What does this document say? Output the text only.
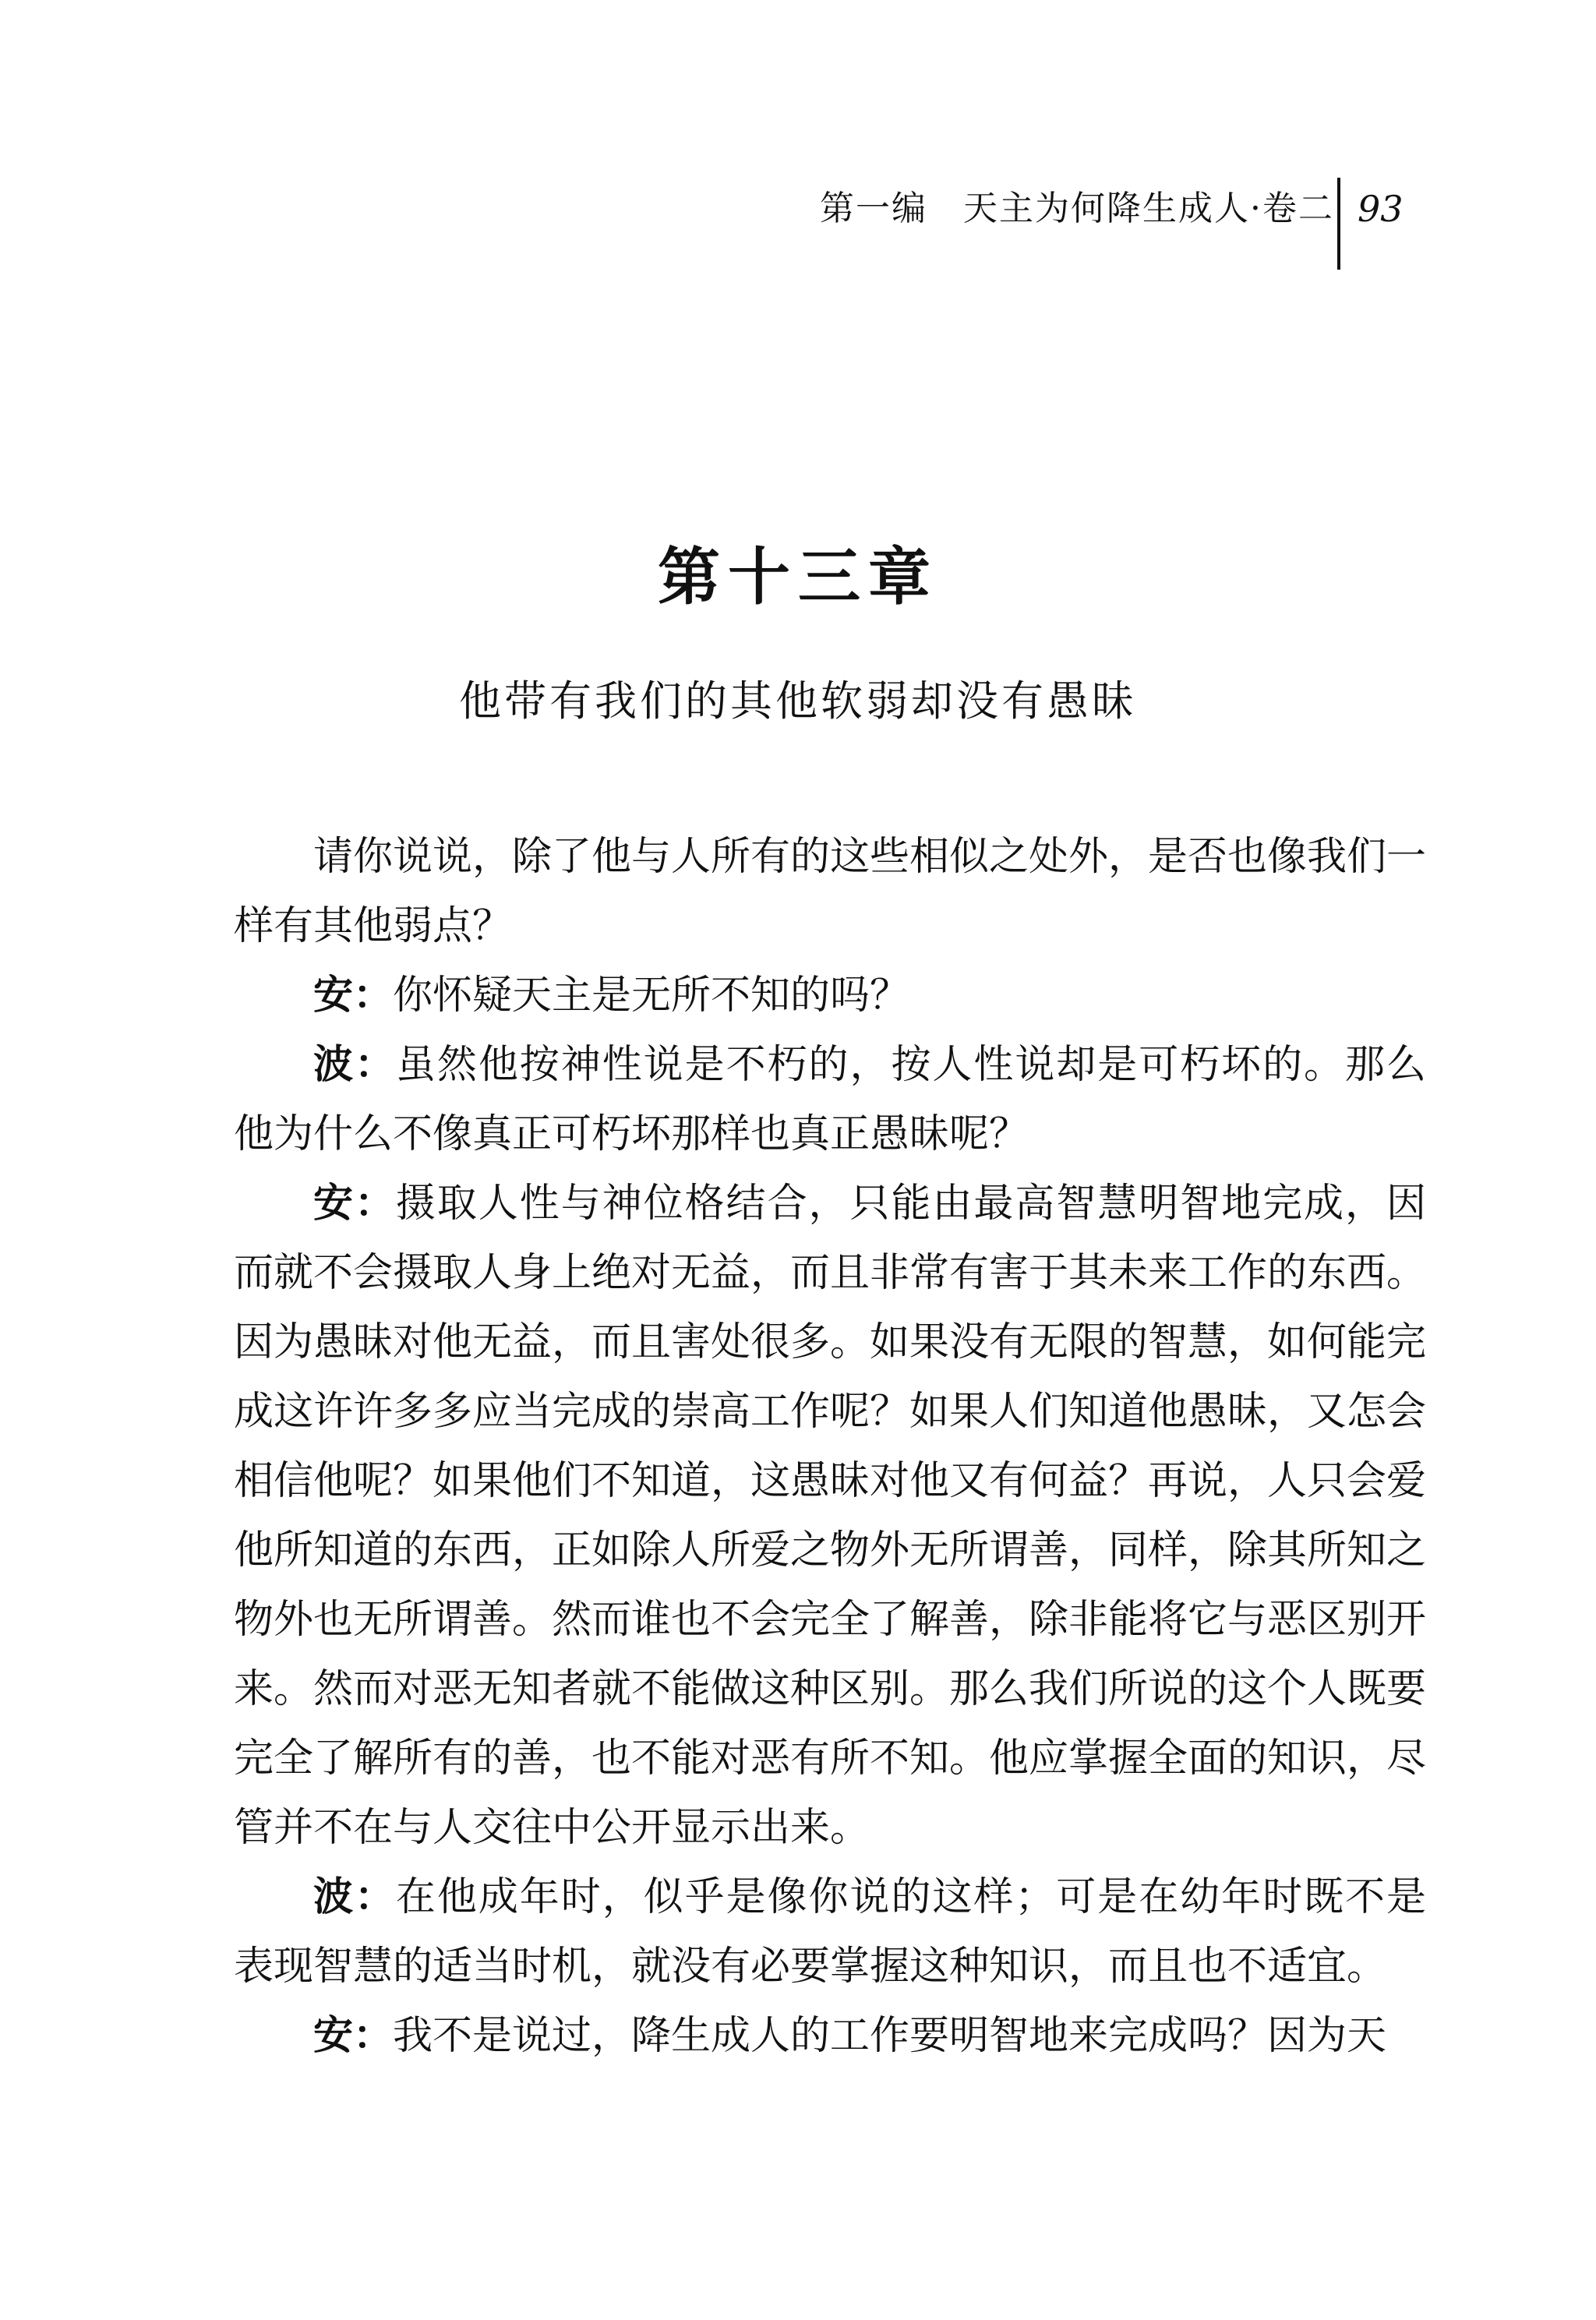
第一编　天主为何降生成人·卷二 93
第十三章
他带有我们的其他软弱却没有愚昧

请你说说，除了他与人所有的这些相似之处外，是否也像我们一样有其他弱点？

安：你怀疑天主是无所不知的吗？

波：虽然他按神性说是不朽的，按人性说却是可朽坏的。那么他为什么不像真正可朽坏那样也真正愚昧呢？

安：摄取人性与神位格结合，只能由最高智慧明智地完成，因而就不会摄取人身上绝对无益，而且非常有害于其未来工作的东西。因为愚昧对他无益，而且害处很多。如果没有无限的智慧，如何能完成这许许多多应当完成的崇高工作呢？如果人们知道他愚昧，又怎会相信他呢？如果他们不知道，这愚昧对他又有何益？再说，人只会爱他所知道的东西，正如除人所爱之物外无所谓善，同样，除其所知之物外也无所谓善。然而谁也不会完全了解善，除非能将它与恶区别开来。然而对恶无知者就不能做这种区别。那么我们所说的这个人既要完全了解所有的善，也不能对恶有所不知。他应掌握全面的知识，尽管并不在与人交往中公开显示出来。

波：在他成年时，似乎是像你说的这样；可是在幼年时既不是表现智慧的适当时机，就没有必要掌握这种知识，而且也不适宜。

安：我不是说过，降生成人的工作要明智地来完成吗？因为天
